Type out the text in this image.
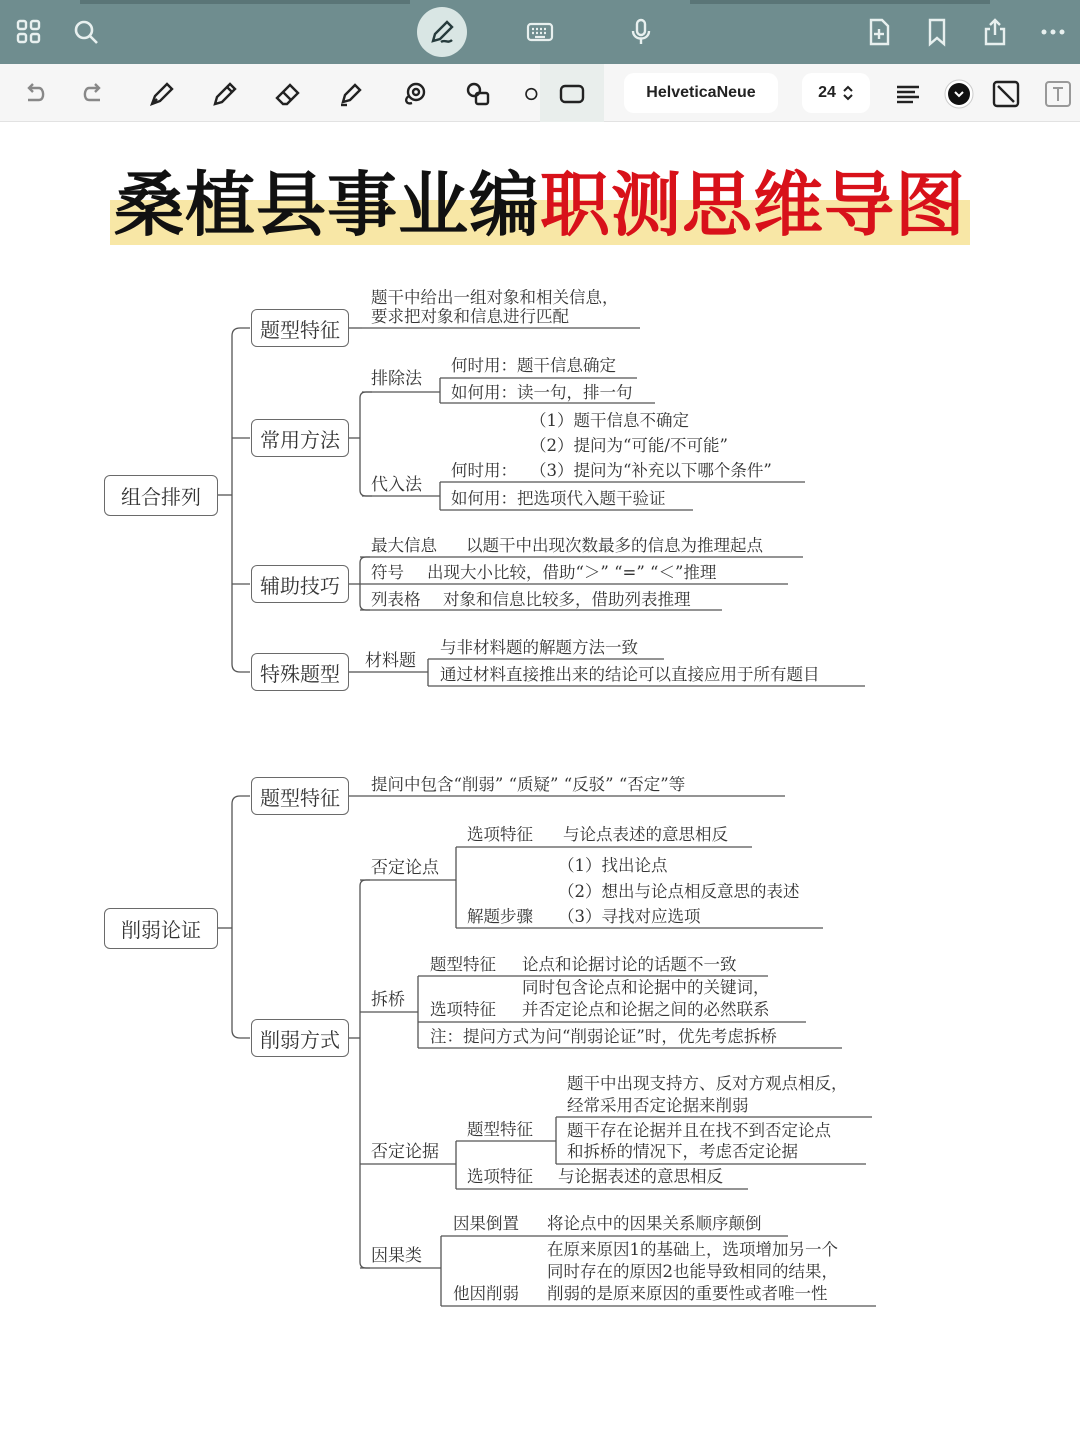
HelveticaNeue	24
桑植县事业编职测思维导图
组合排列
题型特征
题干中给出一组对象和相关信息，
要求把对象和信息进行匹配
常用方法
排除法
何时用：题干信息确定
如何用：读一句，排一句
代入法
（1）题干信息不确定
（2）提问为“可能/不可能”
何时用： （3）提问为“补充以下哪个条件”
如何用：把选项代入题干验证
辅助技巧
最大信息 以题干中出现次数最多的信息为推理起点
符号 出现大小比较，借助“＞” “=” “＜”推理
列表格 对象和信息比较多，借助列表推理
特殊题型
材料题
与非材料题的解题方法一致
通过材料直接推出来的结论可以直接应用于所有题目
削弱论证
题型特征
提问中包含“削弱” “质疑” “反驳” “否定”等
削弱方式
否定论点
选项特征 与论点表述的意思相反
（1）找出论点
（2）想出与论点相反意思的表述
解题步骤 （3）寻找对应选项
拆桥
题型特征 论点和论据讨论的话题不一致
同时包含论点和论据中的关键词，
选项特征 并否定论点和论据之间的必然联系
注：提问方式为问“削弱论证”时，优先考虑拆桥
否定论据
题干中出现支持方、反对方观点相反，
经常采用否定论据来削弱
题型特征 题干存在论据并且在找不到否定论点
和拆桥的情况下，考虑否定论据
选项特征 与论据表述的意思相反
因果类
因果倒置 将论点中的因果关系顺序颠倒
在原来原因1的基础上，选项增加另一个
同时存在的原因2也能导致相同的结果，
他因削弱 削弱的是原来原因的重要性或者唯一性
